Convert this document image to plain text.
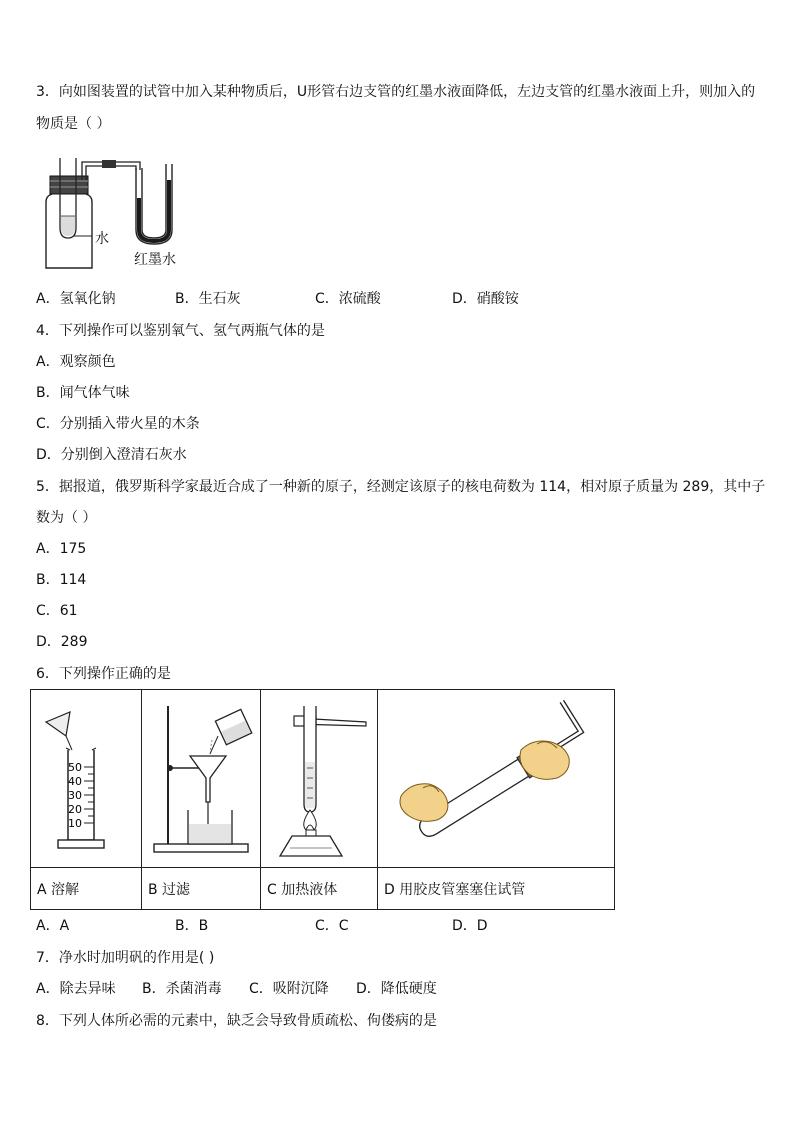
3．向如图装置的试管中加入某种物质后，U形管右边支管的红墨水液面降低，左边支管的红墨水液面上升，则加入的
物质是（ ）
水
红墨水
A．氢氧化钠	B．生石灰	C．浓硫酸	D．硝酸铵
4．下列操作可以鉴别氧气、氢气两瓶气体的是
A．观察颜色
B．闻气体气味
C．分别插入带火星的木条
D．分别倒入澄清石灰水
5．据报道，俄罗斯科学家最近合成了一种新的原子，经测定该原子的核电荷数为 114，相对原子质量为 289，其中子
数为（ ）
A．175
B．114
C．61
D．289
6．下列操作正确的是
50
40
30
20
10

A 溶解	B 过滤	C 加热液体	D 用胶皮管塞塞住试管
A．A	B．B	C．C	D．D
7．净水时加明矾的作用是( )
A．除去异味 B．杀菌消毒 C．吸附沉降 D．降低硬度
8．下列人体所必需的元素中，缺乏会导致骨质疏松、佝偻病的是
